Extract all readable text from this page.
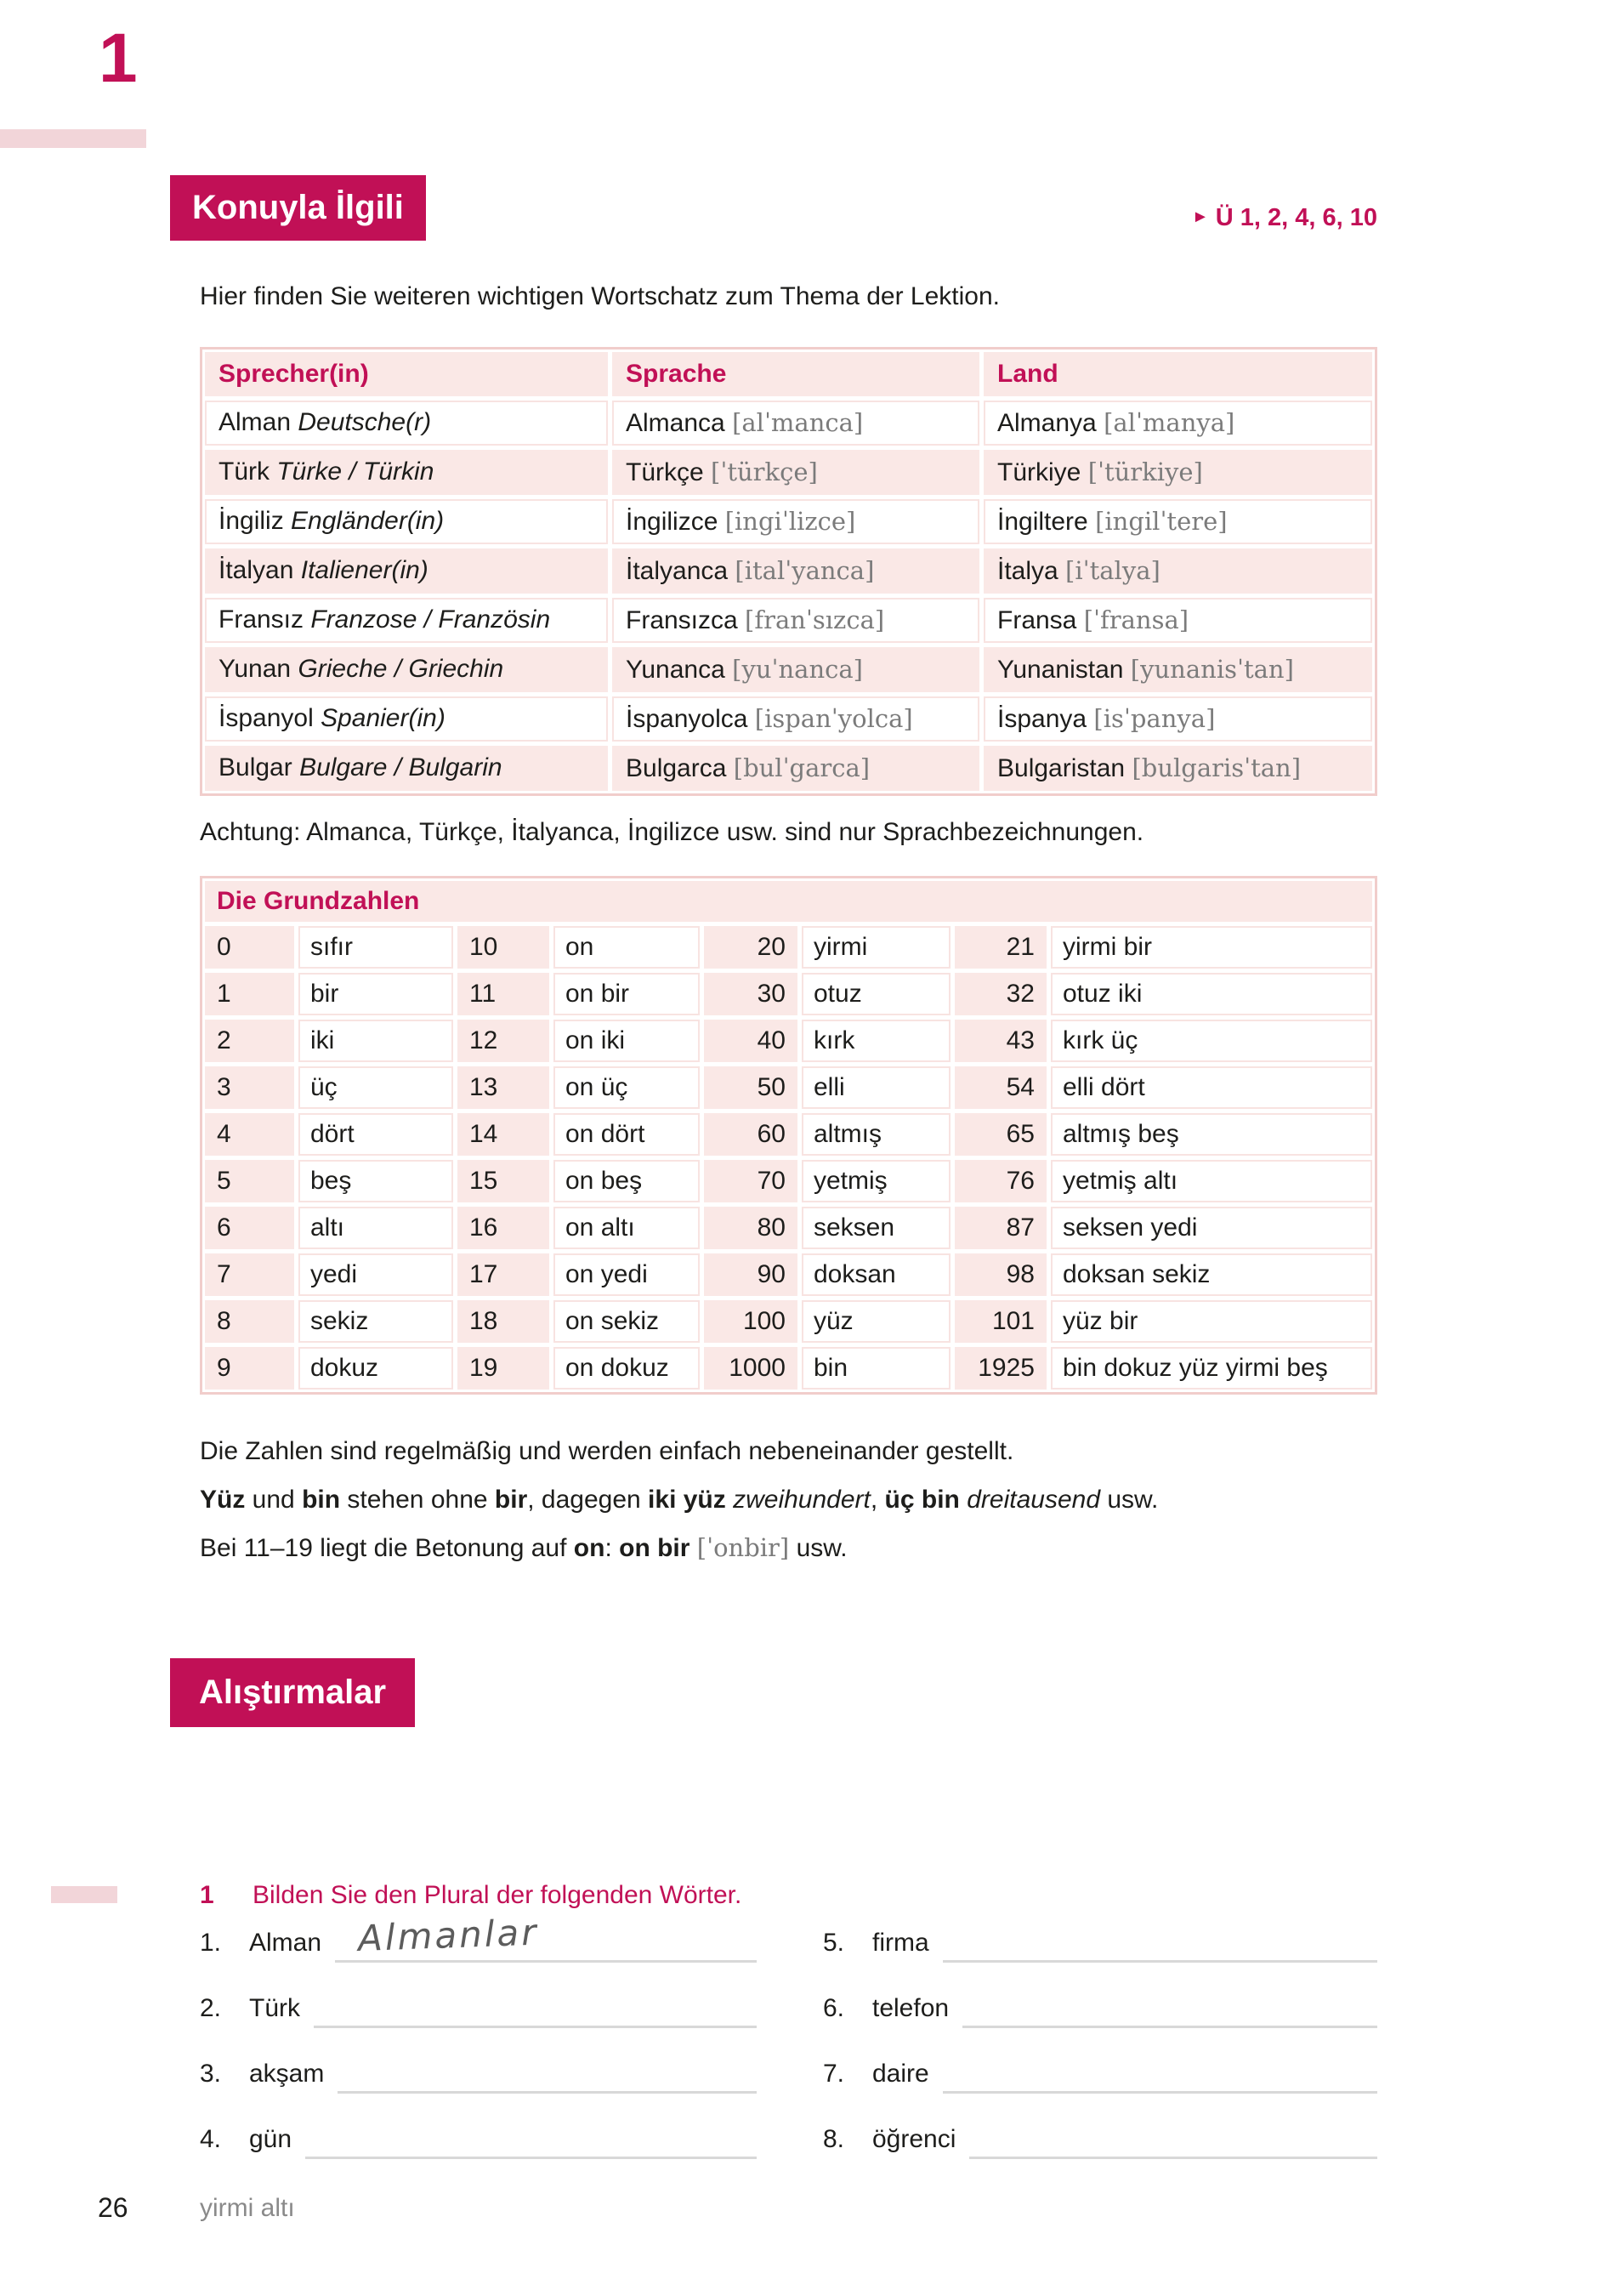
1
Konuyla İlgili	► Ü 1, 2, 4, 6, 10
Hier finden Sie weiteren wichtigen Wortschatz zum Thema der Lektion.
Sprecher(in)	Sprache	Land
Alman Deutsche(r)	Almanca [alˈmanca]	Almanya [alˈmanya]
Türk Türke / Türkin	Türkçe [ˈtürkçe]	Türkiye [ˈtürkiye]
İngiliz Engländer(in)	İngilizce [ingiˈlizce]	İngiltere [ingilˈtere]
İtalyan Italiener(in)	İtalyanca [italˈyanca]	İtalya [iˈtalya]
Fransız Franzose / Französin	Fransızca [franˈsızca]	Fransa [ˈfransa]
Yunan Grieche / Griechin	Yunanca [yuˈnanca]	Yunanistan [yunanisˈtan]
İspanyol Spanier(in)	İspanyolca [ispanˈyolca]	İspanya [isˈpanya]
Bulgar Bulgare / Bulgarin	Bulgarca [bulˈgarca]	Bulgaristan [bulgarisˈtan]
Achtung: Almanca, Türkçe, İtalyanca, İngilizce usw. sind nur Sprachbezeichnungen.
Die Grundzahlen
0	sıfır	10	on	20	yirmi	21	yirmi bir
1	bir	11	on bir	30	otuz	32	otuz iki
2	iki	12	on iki	40	kırk	43	kırk üç
3	üç	13	on üç	50	elli	54	elli dört
4	dört	14	on dört	60	altmış	65	altmış beş
5	beş	15	on beş	70	yetmiş	76	yetmiş altı
6	altı	16	on altı	80	seksen	87	seksen yedi
7	yedi	17	on yedi	90	doksan	98	doksan sekiz
8	sekiz	18	on sekiz	100	yüz	101	yüz bir
9	dokuz	19	on dokuz	1000	bin	1925	bin dokuz yüz yirmi beş
Die Zahlen sind regelmäßig und werden einfach nebeneinander gestellt.
Yüz und bin stehen ohne bir, dagegen iki yüz zweihundert, üç bin dreitausend usw.
Bei 11–19 liegt die Betonung auf on: on bir [ˈonbir] usw.
Alıştırmalar
1 Bilden Sie den Plural der folgenden Wörter.
1.	Alman Almanlar
2.	Türk
3.	akşam
4.	gün
5.	firma
6.	telefon
7.	daire
8.	öğrenci
26	yirmi altı
